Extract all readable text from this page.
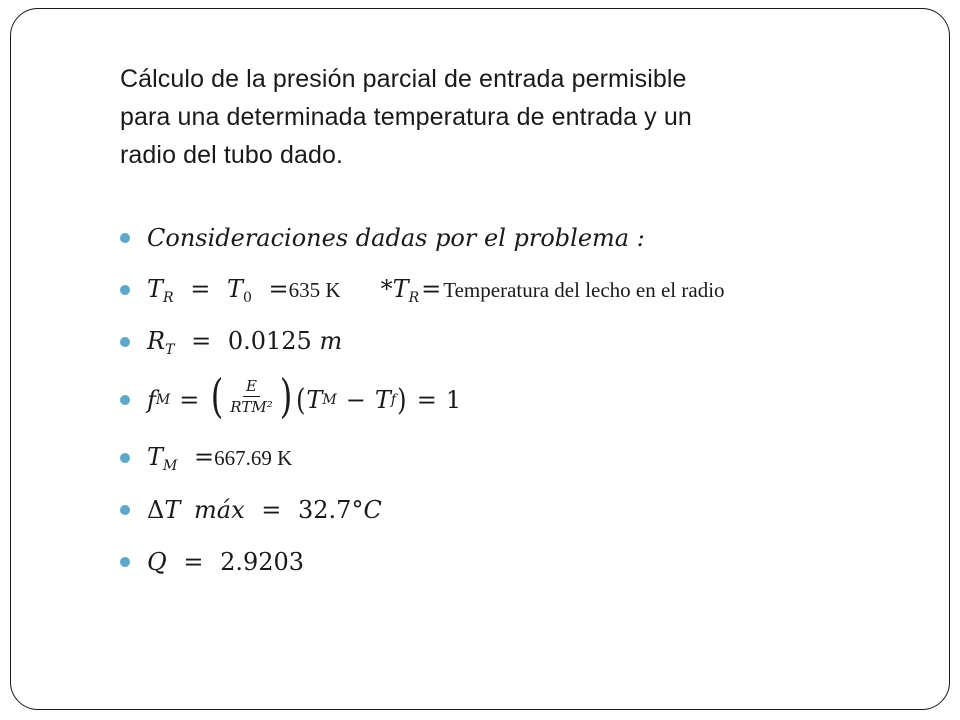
Cálculo de la presión parcial de entrada permisible
para una determinada temperatura de entrada y un
radio del tubo dado.
Consideraciones dadas por el problema :
$T_R = T_0 = 635$ K * $T_R$ = Temperatura del lecho en el radio
$R_T = 0.0125$ m
f M = ( $\frac{E}{\text{RTM²}}$ ) ( T M − T f ) = 1
$T_M = 667.69$ K
ΔT máx = 32.7°C
Q = 2.9203
